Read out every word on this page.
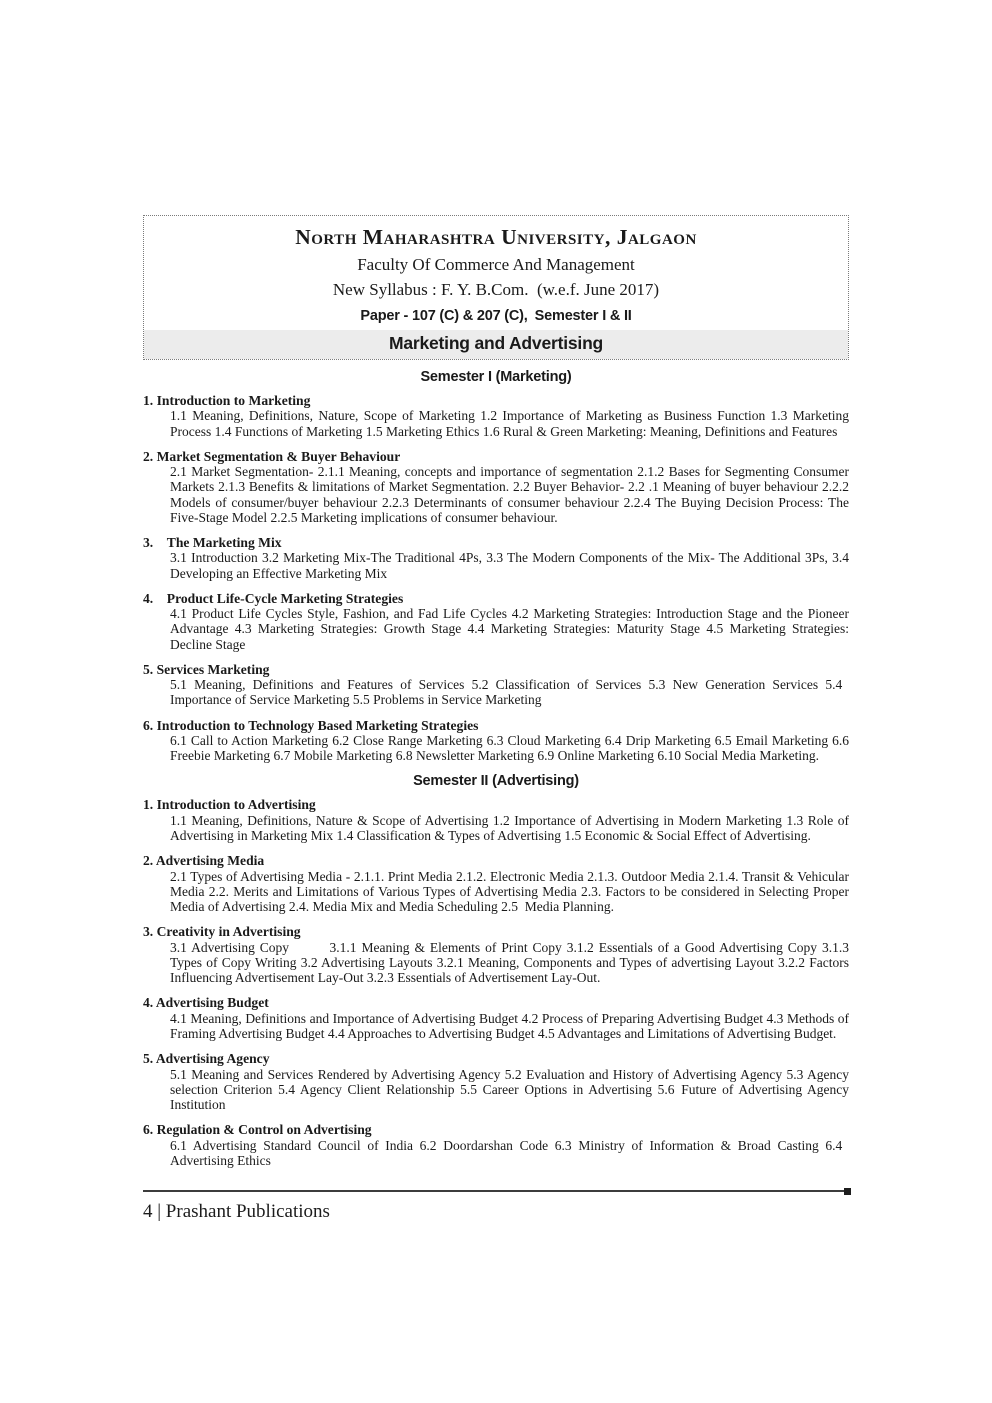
North Maharashtra University, Jalgaon
Faculty Of Commerce And Management
New Syllabus : F. Y. B.Com. (w.e.f. June 2017)
Paper - 107 (C) & 207 (C), Semester I & II
Marketing and Advertising
Semester I (Marketing)
1. Introduction to Marketing
1.1 Meaning, Definitions, Nature, Scope of Marketing 1.2 Importance of Marketing as Business Function 1.3 Marketing Process 1.4 Functions of Marketing 1.5 Marketing Ethics 1.6 Rural & Green Marketing: Meaning, Definitions and Features
2. Market Segmentation & Buyer Behaviour
2.1 Market Segmentation- 2.1.1 Meaning, concepts and importance of segmentation 2.1.2 Bases for Segmenting Consumer Markets 2.1.3 Benefits & limitations of Market Segmentation. 2.2 Buyer Behavior- 2.2 .1 Meaning of buyer behaviour 2.2.2 Models of consumer/buyer behaviour 2.2.3 Determinants of consumer behaviour 2.2.4 The Buying Decision Process: The Five-Stage Model 2.2.5 Marketing implications of consumer behaviour.
3. The Marketing Mix
3.1 Introduction 3.2 Marketing Mix-The Traditional 4Ps, 3.3 The Modern Components of the Mix- The Additional 3Ps, 3.4 Developing an Effective Marketing Mix
4. Product Life-Cycle Marketing Strategies
4.1 Product Life Cycles Style, Fashion, and Fad Life Cycles 4.2 Marketing Strategies: Introduction Stage and the Pioneer Advantage 4.3 Marketing Strategies: Growth Stage 4.4 Marketing Strategies: Maturity Stage 4.5 Marketing Strategies: Decline Stage
5. Services Marketing
5.1 Meaning, Definitions and Features of Services 5.2 Classification of Services 5.3 New Generation Services 5.4 Importance of Service Marketing 5.5 Problems in Service Marketing
6. Introduction to Technology Based Marketing Strategies
6.1 Call to Action Marketing 6.2 Close Range Marketing 6.3 Cloud Marketing 6.4 Drip Marketing 6.5 Email Marketing 6.6 Freebie Marketing 6.7 Mobile Marketing 6.8 Newsletter Marketing 6.9 Online Marketing 6.10 Social Media Marketing.
Semester II (Advertising)
1. Introduction to Advertising
1.1 Meaning, Definitions, Nature & Scope of Advertising 1.2 Importance of Advertising in Modern Marketing 1.3 Role of Advertising in Marketing Mix 1.4 Classification & Types of Advertising 1.5 Economic & Social Effect of Advertising.
2. Advertising Media
2.1 Types of Advertising Media - 2.1.1. Print Media 2.1.2. Electronic Media 2.1.3. Outdoor Media 2.1.4. Transit & Vehicular Media 2.2. Merits and Limitations of Various Types of Advertising Media 2.3. Factors to be considered in Selecting Proper Media of Advertising 2.4. Media Mix and Media Scheduling 2.5 Media Planning.
3. Creativity in Advertising
3.1 Advertising Copy   3.1.1 Meaning & Elements of Print Copy 3.1.2 Essentials of a Good Advertising Copy 3.1.3 Types of Copy Writing 3.2 Advertising Layouts 3.2.1 Meaning, Components and Types of advertising Layout 3.2.2 Factors Influencing Advertisement Lay-Out 3.2.3 Essentials of Advertisement Lay-Out.
4. Advertising Budget
4.1 Meaning, Definitions and Importance of Advertising Budget 4.2 Process of Preparing Advertising Budget 4.3 Methods of Framing Advertising Budget 4.4 Approaches to Advertising Budget 4.5 Advantages and Limitations of Advertising Budget.
5. Advertising Agency
5.1 Meaning and Services Rendered by Advertising Agency 5.2 Evaluation and History of Advertising Agency 5.3 Agency selection Criterion 5.4 Agency Client Relationship 5.5 Career Options in Advertising 5.6 Future of Advertising Agency Institution
6. Regulation & Control on Advertising
6.1 Advertising Standard Council of India 6.2 Doordarshan Code 6.3 Ministry of Information & Broad Casting 6.4 Advertising Ethics
4 | Prashant Publications
